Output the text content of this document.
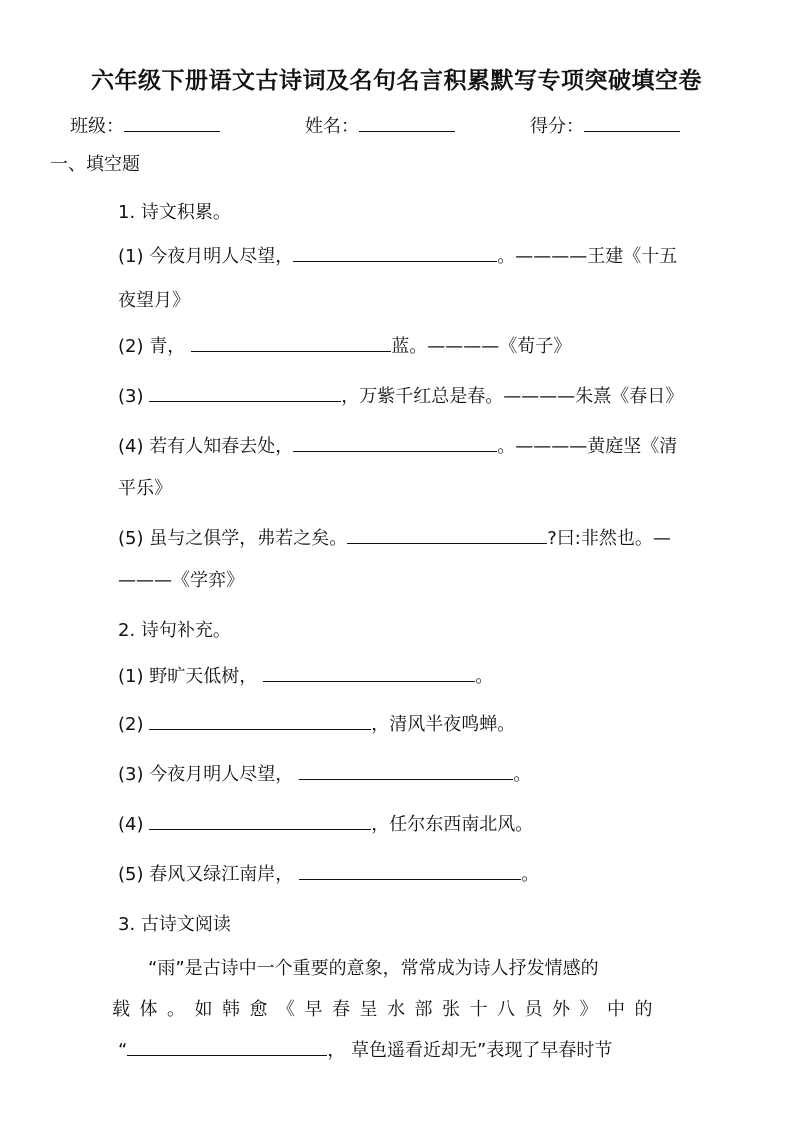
六年级下册语文古诗词及名句名言积累默写专项突破填空卷
班级：	姓名：	得分：
一、填空题
1. 诗文积累。
(1) 今夜月明人尽望，	。————王建《十五
夜望月》
(2) 青，	蓝。————《荀子》
(3)	，万紫千红总是春。————朱熹《春日》
(4) 若有人知春去处，	。————黄庭坚《清
平乐》
(5) 虽与之俱学，弗若之矣。	?曰:非然也。—
———《学弈》
2. 诗句补充。
(1) 野旷天低树，	。
(2)	，清风半夜鸣蝉。
(3) 今夜月明人尽望，	。
(4)	，任尔东西南北风。
(5) 春风又绿江南岸，	。
3. 古诗文阅读
“雨”是古诗中一个重要的意象，常常成为诗人抒发情感的
载体。如韩愈《早春呈水部张十八员外》中的
“	， 草色遥看近却无”表现了早春时节
